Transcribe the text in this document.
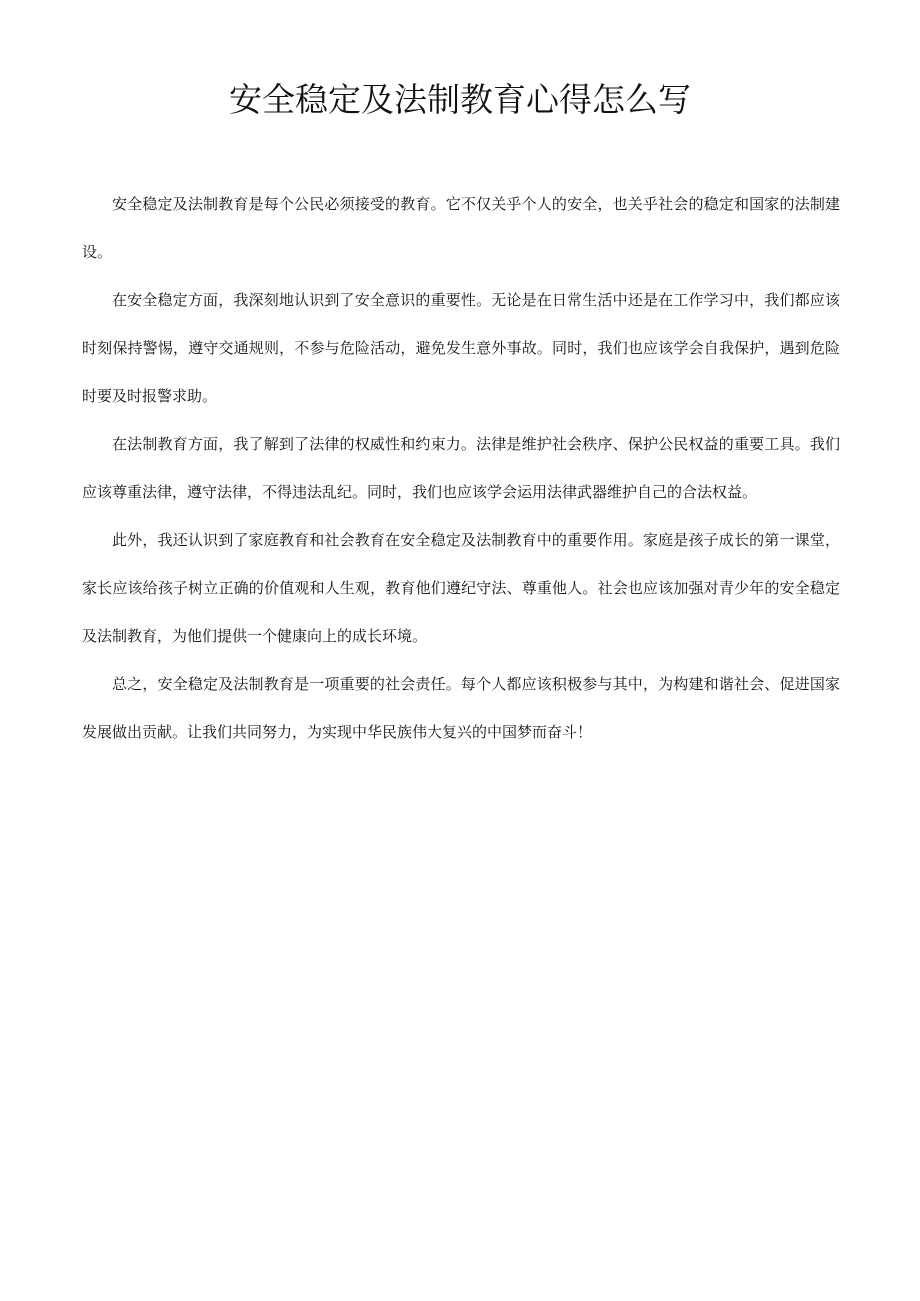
安全稳定及法制教育心得怎么写

安全稳定及法制教育是每个公民必须接受的教育。它不仅关乎个人的安全，也关乎社会的稳定和国家的法制建设。

在安全稳定方面，我深刻地认识到了安全意识的重要性。无论是在日常生活中还是在工作学习中，我们都应该时刻保持警惕，遵守交通规则，不参与危险活动，避免发生意外事故。同时，我们也应该学会自我保护，遇到危险时要及时报警求助。

在法制教育方面，我了解到了法律的权威性和约束力。法律是维护社会秩序、保护公民权益的重要工具。我们应该尊重法律，遵守法律，不得违法乱纪。同时，我们也应该学会运用法律武器维护自己的合法权益。

此外，我还认识到了家庭教育和社会教育在安全稳定及法制教育中的重要作用。家庭是孩子成长的第一课堂，家长应该给孩子树立正确的价值观和人生观，教育他们遵纪守法、尊重他人。社会也应该加强对青少年的安全稳定及法制教育，为他们提供一个健康向上的成长环境。

总之，安全稳定及法制教育是一项重要的社会责任。每个人都应该积极参与其中，为构建和谐社会、促进国家发展做出贡献。让我们共同努力，为实现中华民族伟大复兴的中国梦而奋斗！
